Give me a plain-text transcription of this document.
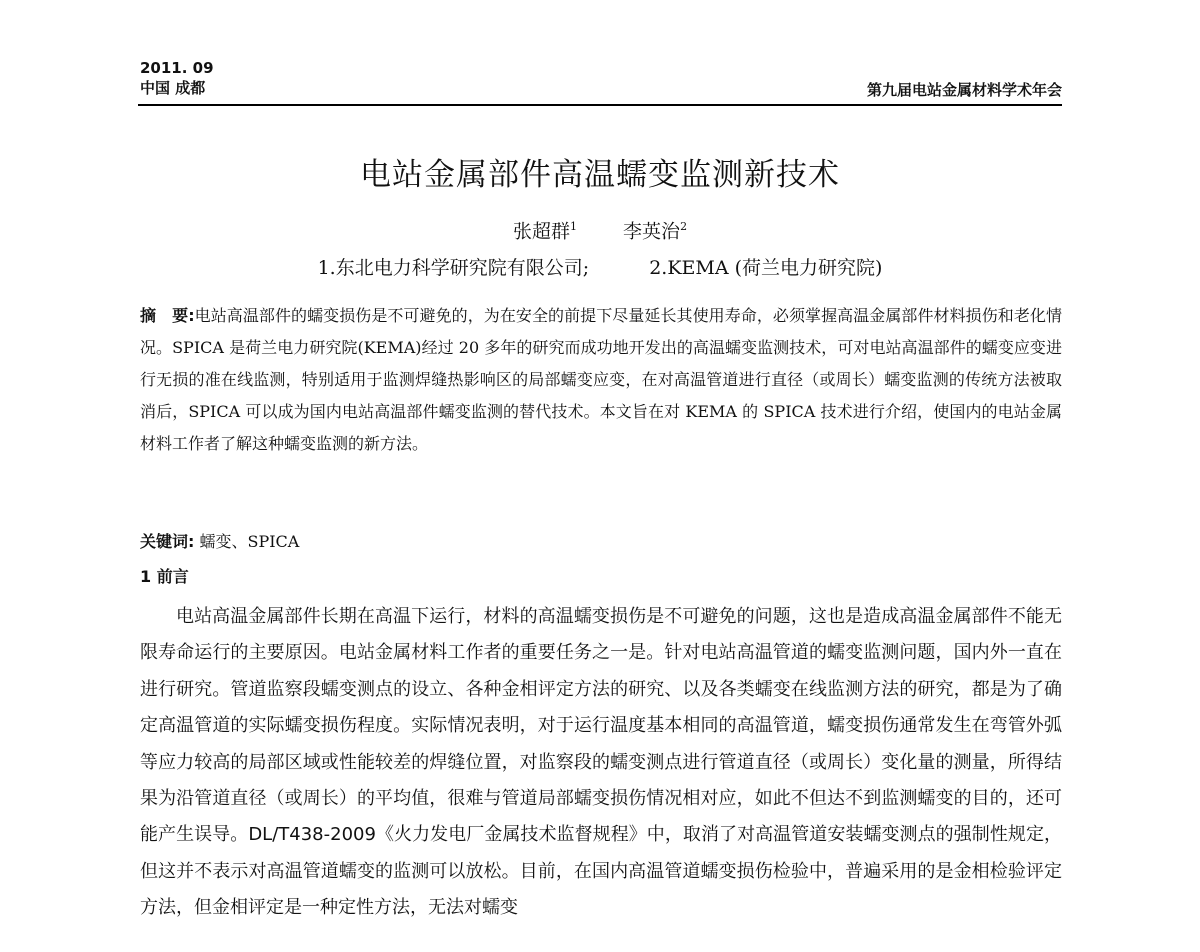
2011. 09
中国 成都	第九届电站金属材料学术年会
电站金属部件高温蠕变监测新技术
张超群$^1$ 李英治$^2$
1.东北电力科学研究院有限公司;	2.KEMA (荷兰电力研究院)
摘　要:电站高温部件的蠕变损伤是不可避免的，为在安全的前提下尽量延长其使用寿命，必须掌握高温金属部件材料损伤和老化情况。SPICA 是荷兰电力研究院(KEMA)经过 20 多年的研究而成功地开发出的高温蠕变监测技术，可对电站高温部件的蠕变应变进行无损的准在线监测，特别适用于监测焊缝热影响区的局部蠕变应变，在对高温管道进行直径（或周长）蠕变监测的传统方法被取消后，SPICA 可以成为国内电站高温部件蠕变监测的替代技术。本文旨在对 KEMA 的 SPICA 技术进行介绍，使国内的电站金属材料工作者了解这种蠕变监测的新方法。
关键词: 蠕变、SPICA
1 前言
电站高温金属部件长期在高温下运行，材料的高温蠕变损伤是不可避免的问题，这也是造成高温金属部件不能无限寿命运行的主要原因。电站金属材料工作者的重要任务之一是。针对电站高温管道的蠕变监测问题，国内外一直在进行研究。管道监察段蠕变测点的设立、各种金相评定方法的研究、以及各类蠕变在线监测方法的研究，都是为了确定高温管道的实际蠕变损伤程度。实际情况表明，对于运行温度基本相同的高温管道，蠕变损伤通常发生在弯管外弧等应力较高的局部区域或性能较差的焊缝位置，对监察段的蠕变测点进行管道直径（或周长）变化量的测量，所得结果为沿管道直径（或周长）的平均值，很难与管道局部蠕变损伤情况相对应，如此不但达不到监测蠕变的目的，还可能产生误导。DL/T438-2009《火力发电厂金属技术监督规程》中，取消了对高温管道安装蠕变测点的强制性规定，但这并不表示对高温管道蠕变的监测可以放松。目前，在国内高温管道蠕变损伤检验中，普遍采用的是金相检验评定方法，但金相评定是一种定性方法，无法对蠕变
